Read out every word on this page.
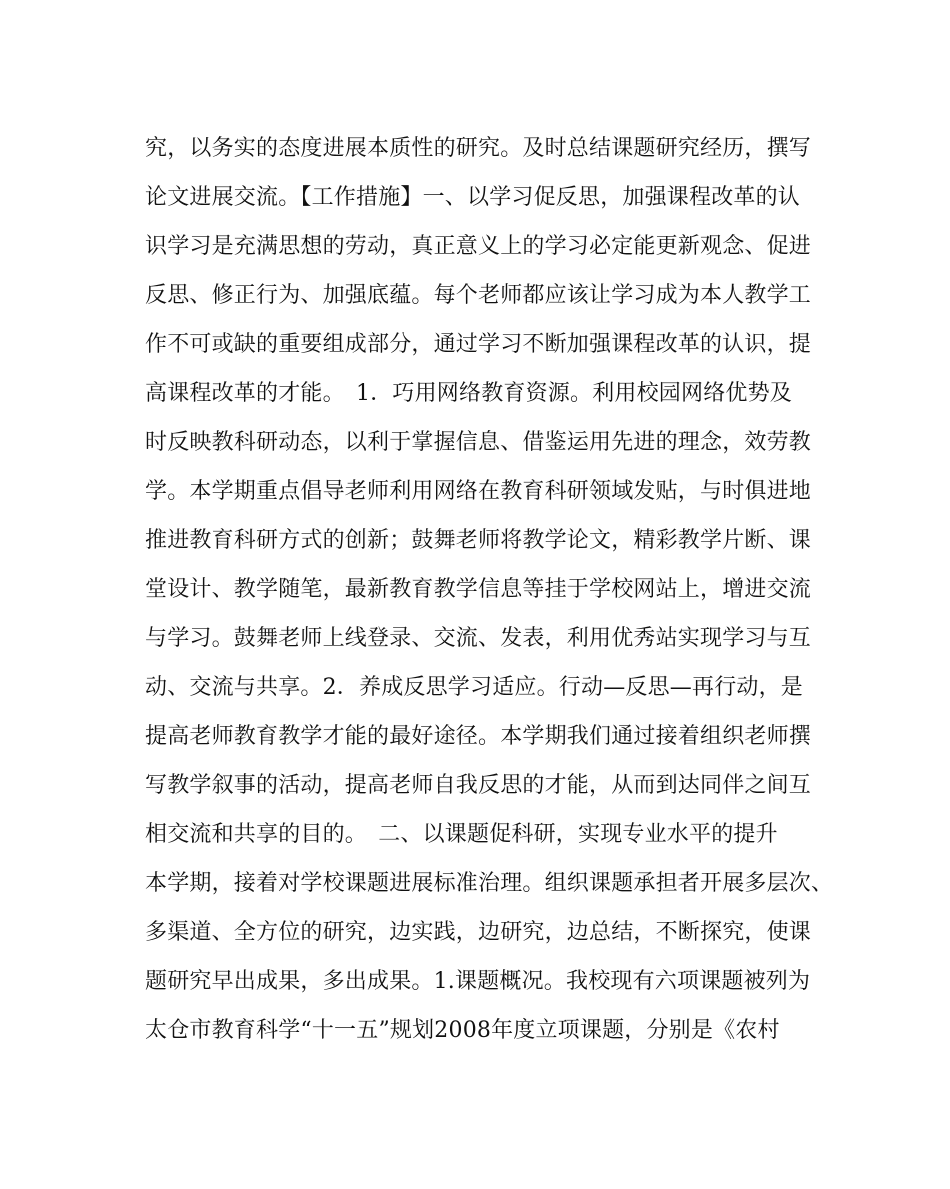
究，以务实的态度进展本质性的研究。及时总结课题研究经历，撰写
论文进展交流。【工作措施】一、以学习促反思，加强课程改革的认
识学习是充满思想的劳动，真正意义上的学习必定能更新观念、促进
反思、修正行为、加强底蕴。每个老师都应该让学习成为本人教学工
作不可或缺的重要组成部分，通过学习不断加强课程改革的认识，提
高课程改革的才能。　1．巧用网络教育资源。利用校园网络优势及
时反映教科研动态，以利于掌握信息、借鉴运用先进的理念，效劳教
学。本学期重点倡导老师利用网络在教育科研领域发贴，与时俱进地
推进教育科研方式的创新；鼓舞老师将教学论文，精彩教学片断、课
堂设计、教学随笔，最新教育教学信息等挂于学校网站上，增进交流
与学习。鼓舞老师上线登录、交流、发表，利用优秀站实现学习与互
动、交流与共享。2．养成反思学习适应。行动—反思—再行动，是
提高老师教育教学才能的最好途径。本学期我们通过接着组织老师撰
写教学叙事的活动，提高老师自我反思的才能，从而到达同伴之间互
相交流和共享的目的。　二、以课题促科研，实现专业水平的提升
本学期，接着对学校课题进展标准治理。组织课题承担者开展多层次、
多渠道、全方位的研究，边实践，边研究，边总结，不断探究，使课
题研究早出成果，多出成果。1.课题概况。我校现有六项课题被列为
太仓市教育科学“十一五”规划2008年度立项课题，分别是《农村
